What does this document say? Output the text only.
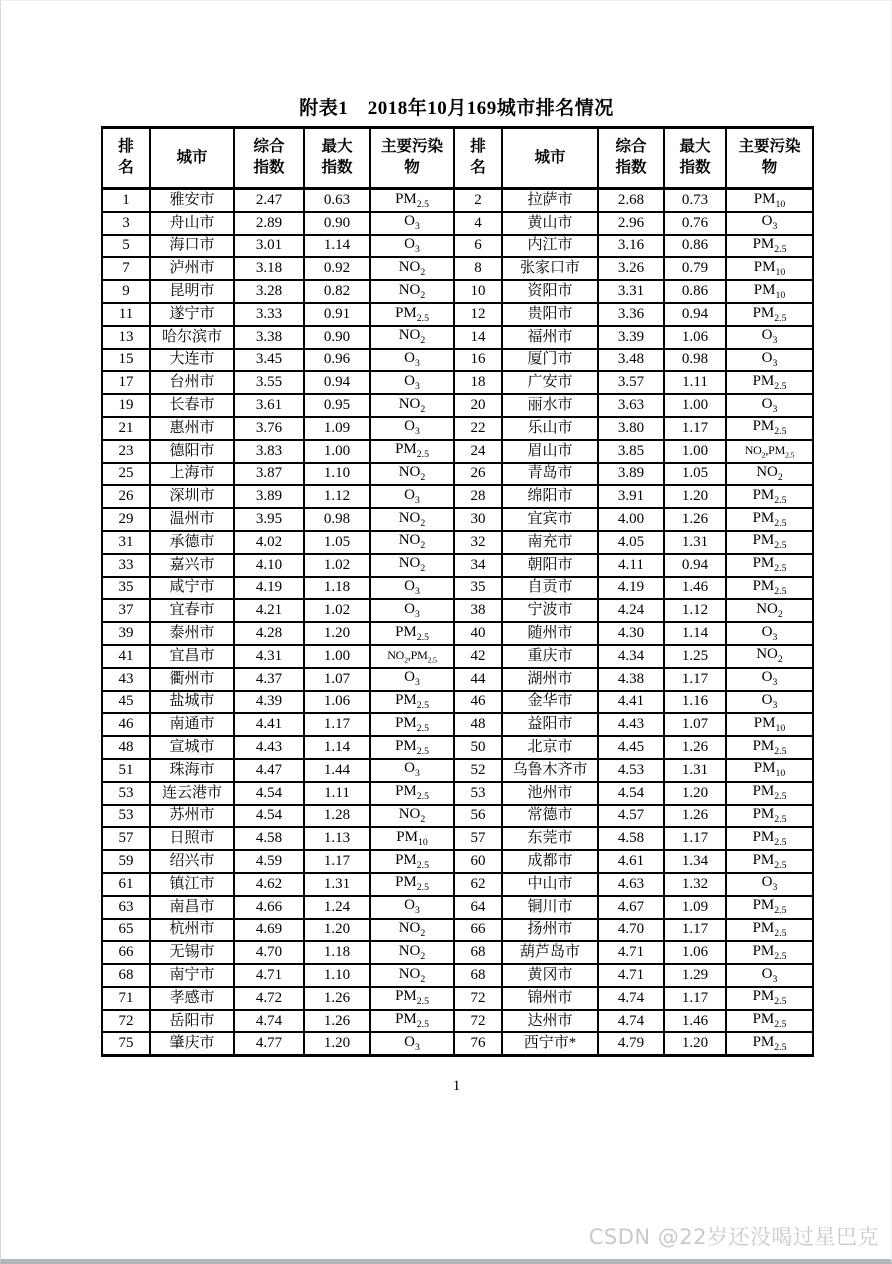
附表1　2018年10月169城市排名情况
排名	城市	综合指数	最大指数	主要污染物	排名	城市	综合指数	最大指数	主要污染物
1	雅安市	2.47	0.63	$PM_{2.5}$	2	拉萨市	2.68	0.73	$PM_{10}$
3	舟山市	2.89	0.90	$O_3$	4	黄山市	2.96	0.76	$O_3$
5	海口市	3.01	1.14	$O_3$	6	内江市	3.16	0.86	$PM_{2.5}$
7	泸州市	3.18	0.92	$NO_2$	8	张家口市	3.26	0.79	$PM_{10}$
9	昆明市	3.28	0.82	$NO_2$	10	资阳市	3.31	0.86	$PM_{10}$
11	遂宁市	3.33	0.91	$PM_{2.5}$	12	贵阳市	3.36	0.94	$PM_{2.5}$
13	哈尔滨市	3.38	0.90	$NO_2$	14	福州市	3.39	1.06	$O_3$
15	大连市	3.45	0.96	$O_3$	16	厦门市	3.48	0.98	$O_3$
17	台州市	3.55	0.94	$O_3$	18	广安市	3.57	1.11	$PM_{2.5}$
19	长春市	3.61	0.95	$NO_2$	20	丽水市	3.63	1.00	$O_3$
21	惠州市	3.76	1.09	$O_3$	22	乐山市	3.80	1.17	$PM_{2.5}$
23	德阳市	3.83	1.00	$PM_{2.5}$	24	眉山市	3.85	1.00	$NO_2,PM_{2.5}$
25	上海市	3.87	1.10	$NO_2$	26	青岛市	3.89	1.05	$NO_2$
26	深圳市	3.89	1.12	$O_3$	28	绵阳市	3.91	1.20	$PM_{2.5}$
29	温州市	3.95	0.98	$NO_2$	30	宜宾市	4.00	1.26	$PM_{2.5}$
31	承德市	4.02	1.05	$NO_2$	32	南充市	4.05	1.31	$PM_{2.5}$
33	嘉兴市	4.10	1.02	$NO_2$	34	朝阳市	4.11	0.94	$PM_{2.5}$
35	咸宁市	4.19	1.18	$O_3$	35	自贡市	4.19	1.46	$PM_{2.5}$
37	宜春市	4.21	1.02	$O_3$	38	宁波市	4.24	1.12	$NO_2$
39	泰州市	4.28	1.20	$PM_{2.5}$	40	随州市	4.30	1.14	$O_3$
41	宜昌市	4.31	1.00	$NO_2,PM_{2.5}$	42	重庆市	4.34	1.25	$NO_2$
43	衢州市	4.37	1.07	$O_3$	44	湖州市	4.38	1.17	$O_3$
45	盐城市	4.39	1.06	$PM_{2.5}$	46	金华市	4.41	1.16	$O_3$
46	南通市	4.41	1.17	$PM_{2.5}$	48	益阳市	4.43	1.07	$PM_{10}$
48	宣城市	4.43	1.14	$PM_{2.5}$	50	北京市	4.45	1.26	$PM_{2.5}$
51	珠海市	4.47	1.44	$O_3$	52	乌鲁木齐市	4.53	1.31	$PM_{10}$
53	连云港市	4.54	1.11	$PM_{2.5}$	53	池州市	4.54	1.20	$PM_{2.5}$
53	苏州市	4.54	1.28	$NO_2$	56	常德市	4.57	1.26	$PM_{2.5}$
57	日照市	4.58	1.13	$PM_{10}$	57	东莞市	4.58	1.17	$PM_{2.5}$
59	绍兴市	4.59	1.17	$PM_{2.5}$	60	成都市	4.61	1.34	$PM_{2.5}$
61	镇江市	4.62	1.31	$PM_{2.5}$	62	中山市	4.63	1.32	$O_3$
63	南昌市	4.66	1.24	$O_3$	64	铜川市	4.67	1.09	$PM_{2.5}$
65	杭州市	4.69	1.20	$NO_2$	66	扬州市	4.70	1.17	$PM_{2.5}$
66	无锡市	4.70	1.18	$NO_2$	68	葫芦岛市	4.71	1.06	$PM_{2.5}$
68	南宁市	4.71	1.10	$NO_2$	68	黄冈市	4.71	1.29	$O_3$
71	孝感市	4.72	1.26	$PM_{2.5}$	72	锦州市	4.74	1.17	$PM_{2.5}$
72	岳阳市	4.74	1.26	$PM_{2.5}$	72	达州市	4.74	1.46	$PM_{2.5}$
75	肇庆市	4.77	1.20	$O_3$	76	西宁市*	4.79	1.20	$PM_{2.5}$
1
CSDN @22岁还没喝过星巴克
